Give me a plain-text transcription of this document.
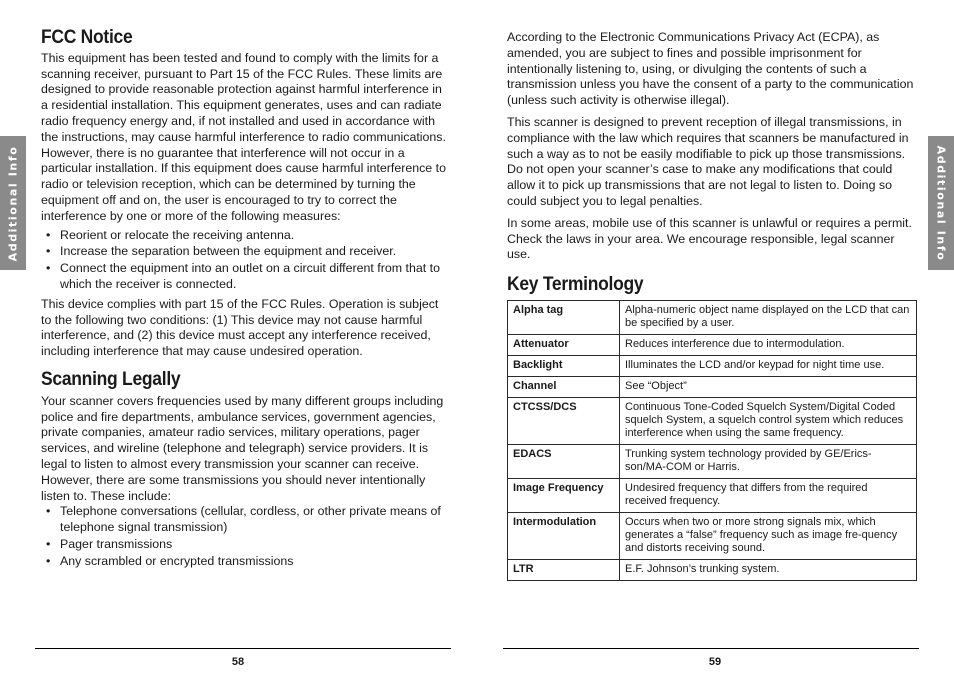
Additional Info	Additional Info
FCC Notice

This equipment has been tested and found to comply with the limits for a scanning receiver, pursuant to Part 15 of the FCC Rules. These limits are designed to provide reasonable protection against harmful interference in a residential installation. This equipment generates, uses and can radiate radio frequency energy and, if not installed and used in accordance with the instructions, may cause harmful interference to radio communications.

However, there is no guarantee that interference will not occur in a particular installation. If this equipment does cause harmful interference to radio or television reception, which can be determined by turning the equipment off and on, the user is encouraged to try to correct the interference by one or more of the following measures:

• Reorient or relocate the receiving antenna.
• Increase the separation between the equipment and receiver.
• Connect the equipment into an outlet on a circuit different from that to which the receiver is connected.

This device complies with part 15 of the FCC Rules. Operation is subject to the following two conditions: (1) This device may not cause harmful interference, and (2) this device must accept any interference received, including interference that may cause undesired operation.

Scanning Legally

Your scanner covers frequencies used by many different groups including police and fire departments, ambulance services, government agencies, private companies, amateur radio services, military operations, pager services, and wireline (telephone and telegraph) service providers. It is legal to listen to almost every transmission your scanner can receive. However, there are some transmissions you should never intentionally listen to. These include:

• Telephone conversations (cellular, cordless, or other private means of telephone signal transmission)
• Pager transmissions
• Any scrambled or encrypted transmissions

According to the Electronic Communications Privacy Act (ECPA), as amended, you are subject to fines and possible imprisonment for intentionally listening to, using, or divulging the contents of such a transmission unless you have the consent of a party to the communication (unless such activity is otherwise illegal).

This scanner is designed to prevent reception of illegal transmissions, in compliance with the law which requires that scanners be manufactured in such a way as to not be easily modifiable to pick up those transmissions. Do not open your scanner’s case to make any modifications that could allow it to pick up transmissions that are not legal to listen to. Doing so could subject you to legal penalties.

In some areas, mobile use of this scanner is unlawful or requires a permit. Check the laws in your area. We encourage responsible, legal scanner use.

Key Terminology
Alpha tag	Alpha-numeric object name displayed on the LCD that can be specified by a user.
Attenuator	Reduces interference due to intermodulation.
Backlight	Illuminates the LCD and/or keypad for night time use.
Channel	See “Object”
CTCSS/DCS	Continuous Tone-Coded Squelch System/Digital Coded squelch System, a squelch control system which reduces interference when using the same frequency.
EDACS	Trunking system technology provided by GE/Erics-son/MA-COM or Harris.
Image Frequency	Undesired frequency that differs from the required received frequency.
Intermodulation	Occurs when two or more strong signals mix, which generates a “false” frequency such as image fre-quency and distorts receiving sound.
LTR	E.F. Johnson’s trunking system.
58	59
